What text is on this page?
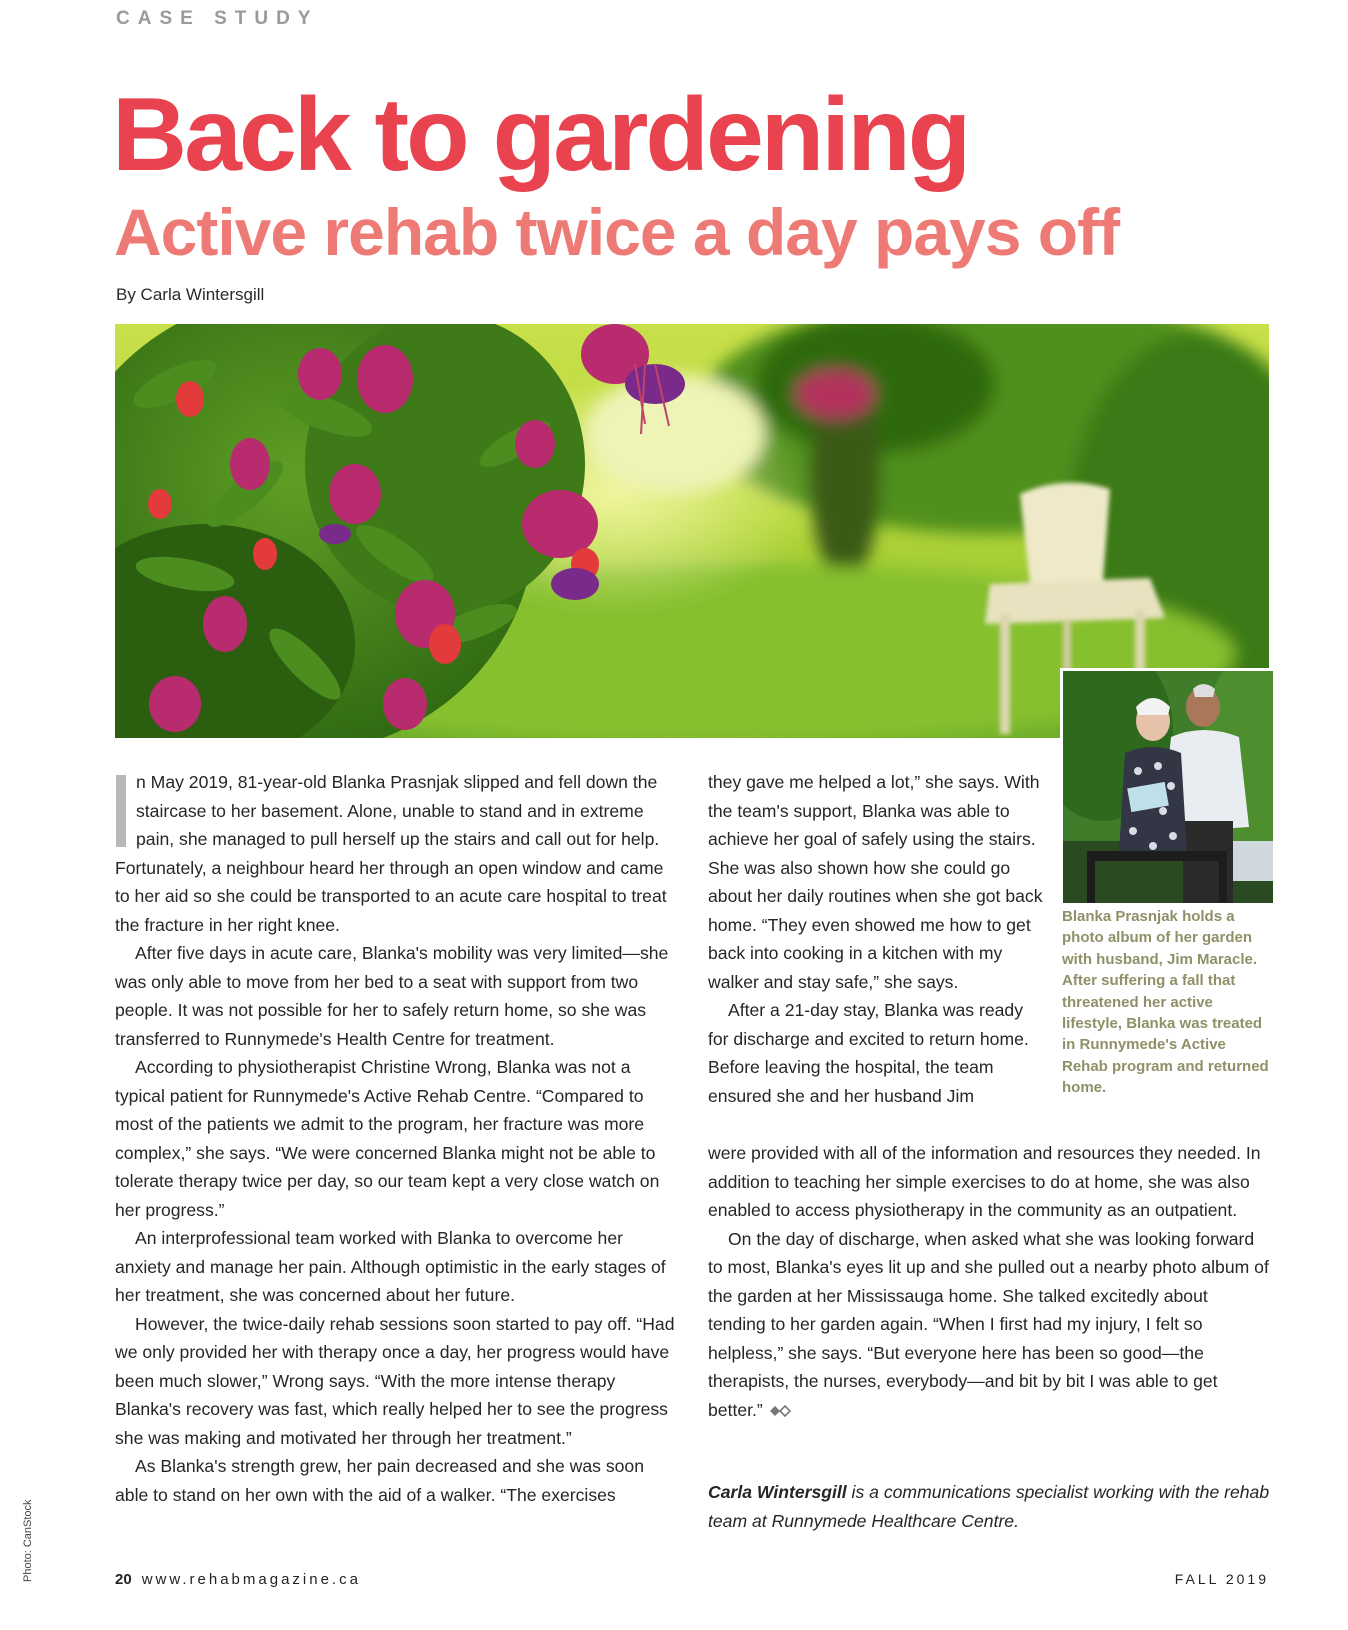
CASE STUDY
Back to gardening
Active rehab twice a day pays off
By Carla Wintersgill
Blanka Prasnjak holds a photo album of her garden with husband, Jim Maracle. After suffering a fall that threatened her active lifestyle, Blanka was treated in Runnymede's Active Rehab program and returned home.

n May 2019, 81-year-old Blanka Prasnjak slipped and fell down the staircase to her basement. Alone, unable to stand and in extreme pain, she managed to pull herself up the stairs and call out for help. Fortunately, a neighbour heard her through an open window and came to her aid so she could be transported to an acute care hospital to treat the fracture in her right knee.

After five days in acute care, Blanka's mobility was very limited—she was only able to move from her bed to a seat with support from two people. It was not possible for her to safely return home, so she was transferred to Runnymede's Health Centre for treatment.

According to physiotherapist Christine Wrong, Blanka was not a typical patient for Runnymede's Active Rehab Centre. “Compared to most of the patients we admit to the program, her fracture was more complex,” she says. “We were concerned Blanka might not be able to tolerate therapy twice per day, so our team kept a very close watch on her progress.”

An interprofessional team worked with Blanka to overcome her anxiety and manage her pain. Although optimistic in the early stages of her treatment, she was concerned about her future.

However, the twice-daily rehab sessions soon started to pay off. “Had we only provided her with therapy once a day, her progress would have been much slower,” Wrong says. “With the more intense therapy Blanka's recovery was fast, which really helped her to see the progress she was making and motivated her through her treatment.”

As Blanka's strength grew, her pain decreased and she was soon able to stand on her own with the aid of a walker. “The exercises

they gave me helped a lot,” she says. With the team's support, Blanka was able to achieve her goal of safely using the stairs. She was also shown how she could go about her daily routines when she got back home. “They even showed me how to get back into cooking in a kitchen with my walker and stay safe,” she says.

After a 21-day stay, Blanka was ready for discharge and excited to return home. Before leaving the hospital, the team ensured she and her husband Jim

were provided with all of the information and resources they needed. In addition to teaching her simple exercises to do at home, she was also enabled to access physiotherapy in the community as an outpatient.

On the day of discharge, when asked what she was looking forward to most, Blanka's eyes lit up and she pulled out a nearby photo album of the garden at her Mississauga home. She talked excitedly about tending to her garden again. “When I first had my injury, I felt so helpless,” she says. “But everyone here has been so good—the therapists, the nurses, everybody—and bit by bit I was able to get better.”

Carla Wintersgill is a communications specialist working with the rehab team at Runnymede Healthcare Centre.
20 www.rehabmagazine.ca	FALL 2019
Photo: CanStock
